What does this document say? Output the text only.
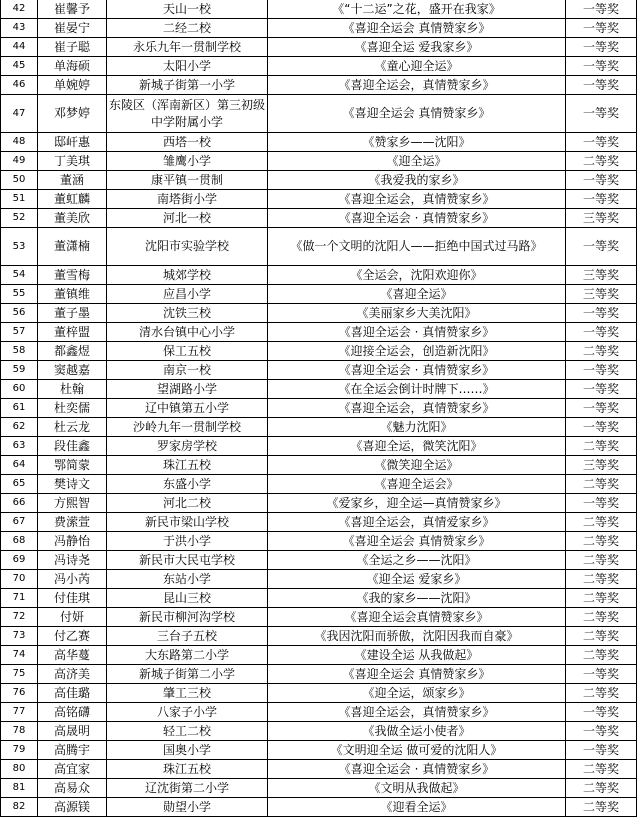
42	崔馨予	天山一校	《“十二运”之花，盛开在我家》	一等奖
43	崔晏宁	二经二校	《喜迎全运会 真情赞家乡》	一等奖
44	崔子聪	永乐九年一贯制学校	《喜迎全运 爱我家乡》	一等奖
45	单海硕	太阳小学	《童心迎全运》	一等奖
46	单婉婷	新城子街第一小学	《喜迎全运会，真情赞家乡》	一等奖
47	邓梦婷	东陵区（浑南新区）第三初级中学附属小学	《喜迎全运会 真情赞家乡》	一等奖
48	邸屽惠	西塔一校	《赞家乡——沈阳》	一等奖
49	丁美琪	雏鹰小学	《迎全运》	二等奖
50	董涵	康平镇一贯制	《我爱我的家乡》	一等奖
51	董虹麟	南塔街小学	《喜迎全运会，真情赞家乡》	一等奖
52	董美欣	河北一校	《喜迎全运会 · 真情赞家乡》	三等奖
53	董潇楠	沈阳市实验学校	《做一个文明的沈阳人——拒绝中国式过马路》	一等奖
54	董雪梅	城郊学校	《全运会，沈阳欢迎你》	三等奖
55	董镇维	应昌小学	《喜迎全运》	三等奖
56	董子墨	沈铁三校	《美丽家乡大美沈阳》	一等奖
57	董梓盟	清水台镇中心小学	《喜迎全运会 · 真情赞家乡》	一等奖
58	都鑫煜	保工五校	《迎接全运会，创造新沈阳》	二等奖
59	窦越嘉	南京一校	《喜迎全运会 · 真情赞家乡》	一等奖
60	杜翰	望湖路小学	《在全运会倒计时牌下……》	一等奖
61	杜奕儒	辽中镇第五小学	《喜迎全运会，真情赞家乡》	一等奖
62	杜云龙	沙岭九年一贯制学校	《魅力沈阳》	一等奖
63	段佳鑫	罗家房学校	《喜迎全运，微笑沈阳》	二等奖
64	鄂简蒙	珠江五校	《微笑迎全运》	三等奖
65	樊诗文	东盛小学	《喜迎全运会》	二等奖
66	方熙智	河北二校	《爱家乡，迎全运—真情赞家乡》	一等奖
67	费潆萱	新民市梁山学校	《喜迎全运会，真情爱家乡》	二等奖
68	冯静怡	于洪小学	《喜迎全运会 真情赞家乡》	二等奖
69	冯诗尧	新民市大民屯学校	《全运之乡——沈阳》	二等奖
70	冯小芮	东站小学	《迎全运 爱家乡》	二等奖
71	付佳琪	昆山三校	《我的家乡——沈阳》	二等奖
72	付妍	新民市柳河沟学校	《喜迎全运会真情赞家乡》	二等奖
73	付乙赛	三台子五校	《我因沈阳而骄傲，沈阳因我而自豪》	二等奖
74	高华蔓	大东路第二小学	《建设全运 从我做起》	二等奖
75	高济美	新城子街第二小学	《喜迎全运会 真情赞家乡》	一等奖
76	高佳璐	肇工三校	《迎全运，颂家乡》	二等奖
77	高铭礴	八家子小学	《喜迎全运会，真情赞家乡》	一等奖
78	高晟明	轻工二校	《我做全运小使者》	一等奖
79	高腾宇	国奥小学	《文明迎全运 做可爱的沈阳人》	一等奖
80	高宜家	珠江五校	《喜迎全运会 · 真情赞家乡》	二等奖
81	高易众	辽沈街第二小学	《文明从我做起》	二等奖
82	高源镁	勋望小学	《迎看全运》	二等奖
